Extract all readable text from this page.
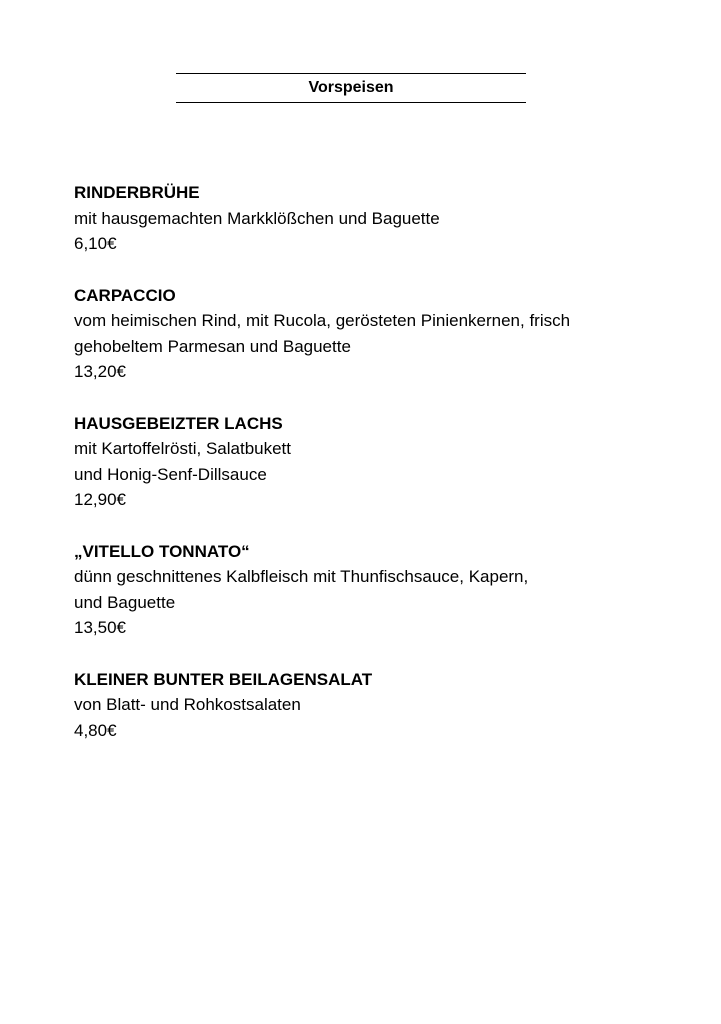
Vorspeisen

RINDERBRÜHE

mit hausgemachten Markklößchen und Baguette

6,10€

CARPACCIO

vom heimischen Rind, mit Rucola, gerösteten Pinienkernen, frisch

gehobeltem Parmesan und Baguette

13,20€

HAUSGEBEIZTER LACHS

mit Kartoffelrösti, Salatbukett

und Honig-Senf-Dillsauce

12,90€

„VITELLO TONNATO“

dünn geschnittenes Kalbfleisch mit Thunfischsauce, Kapern,

und Baguette

13,50€

KLEINER BUNTER BEILAGENSALAT

von Blatt- und Rohkostsalaten

4,80€
